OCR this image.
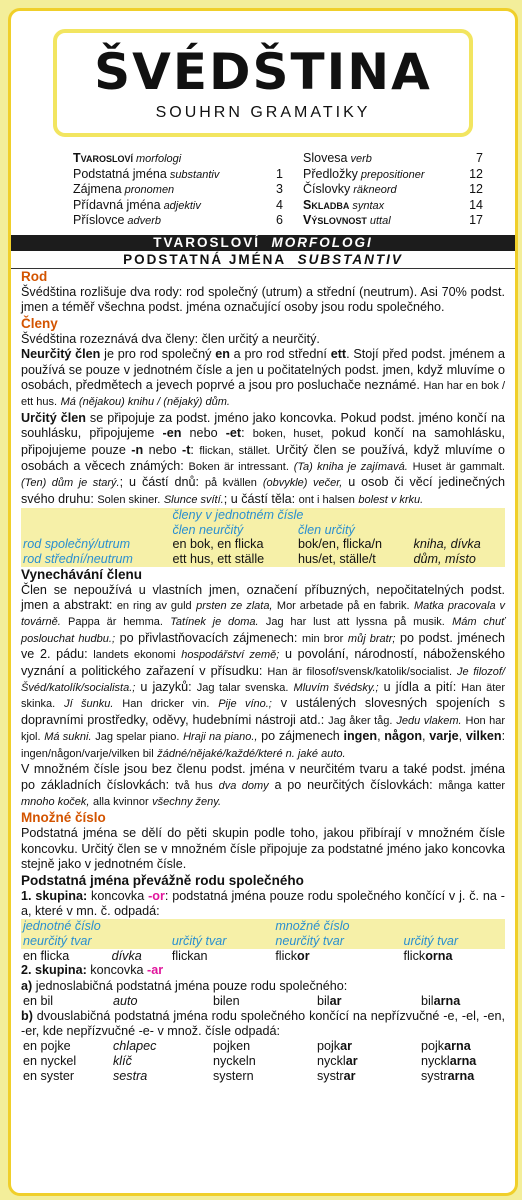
ŠVÉDŠTINA
SOUHRN GRAMATIKY
Tvarosloví morfologi
Podstatná jména substantiv	1
Zájmena pronomen	3
Přídavná jména adjektiv	4
Příslovce adverb	6
Slovesa verb	7
Předložky prepositioner	12
Číslovky räkneord	12
Skladba syntax	14
Výslovnost uttal	17
TVAROSLOVÍ MORFOLOGI
PODSTATNÁ JMÉNA SUBSTANTIV
Rod

Švédština rozlišuje dva rody: rod společný (utrum) a střední (neutrum). Asi 70% podst. jmen a téměř všechna podst. jména označující osoby jsou rodu společného.

Členy

Švédština rozeznává dva členy: člen určitý a neurčitý.

Neurčitý člen je pro rod společný en a pro rod střední ett. Stojí před podst. jménem a používá se pouze v jednotném čísle a jen u počitatelných podst. jmen, když mluvíme o osobách, předmětech a jevech poprvé a jsou pro posluchače neznámé. Han har en bok / ett hus. Má (nějakou) knihu / (nějaký) dům.

Určitý člen se připojuje za podst. jméno jako koncovka. Pokud podst. jméno končí na souhlásku, připojujeme -en nebo -et: boken, huset, pokud končí na samohlásku, připojujeme pouze -n nebo -t: flickan, stället. Určitý člen se používá, když mluvíme o osobách a věcech známých: Boken är intressant. (Ta) kniha je zajímavá. Huset är gammalt. (Ten) dům je starý.; u částí dnů: på kvällen (obvykle) večer, u osob či věcí jedinečných svého druhu: Solen skiner. Slunce svítí.; u částí těla: ont i halsen bolest v krku.

	členy v jednotném čísle		
	člen neurčitý	člen určitý	
rod společný/utrum	en bok, en flicka	bok/en, flicka/n	kniha, dívka
rod střední/neutrum	ett hus, ett ställe	hus/et, ställe/t	dům, místo
Vynechávání členu

Člen se nepoužívá u vlastních jmen, označení příbuzných, nepočitatelných podst. jmen a abstrakt: en ring av guld prsten ze zlata, Mor arbetade på en fabrik. Matka pracovala v továrně. Pappa är hemma. Tatínek je doma. Jag har lust att lyssna på musik. Mám chuť poslouchat hudbu.; po přivlastňovacích zájmenech: min bror můj bratr; po podst. jménech ve 2. pádu: landets ekonomi hospodářství země; u povolání, národností, náboženského vyznání a politického zařazení v přísudku: Han är filosof/svensk/katolik/socialist. Je filozof/Švéd/katolík/socialista.; u jazyků: Jag talar svenska. Mluvím švédsky.; u jídla a pití: Han äter skinka. Jí šunku. Han dricker vin. Pije víno.; v ustálených slovesných spojeních s dopravními prostředky, oděvy, hudebními nástroji atd.: Jag åker tåg. Jedu vlakem. Hon har kjol. Má sukni. Jag spelar piano. Hraji na piano., po zájmenech ingen, någon, varje, vilken: ingen/någon/varje/vilken bil žádné/nějaké/každé/které n. jaké auto.

V množném čísle jsou bez členu podst. jména v neurčitém tvaru a také podst. jména po základních číslovkách: två hus dva domy a po neurčitých číslovkách: många katter mnoho koček, alla kvinnor všechny ženy.

Množné číslo

Podstatná jména se dělí do pěti skupin podle toho, jakou přibírají v množném čísle koncovku. Určitý člen se v množném čísle připojuje za podstatné jméno jako koncovka stejně jako v jednotném čísle.

Podstatná jména převážně rodu společného

1. skupina: koncovka -or: podstatná jména pouze rodu společného končící v j. č. na -a, které v mn. č. odpadá:

jednotné číslo			množné číslo	
neurčitý tvar		určitý tvar	neurčitý tvar	určitý tvar
en flicka	dívka	flickan	flickor	flickorna

2. skupina: koncovka -ar

a) jednoslabičná podstatná jména pouze rodu společného:

en bil	auto	bilen	bilar	bilarna

b) dvouslabičná podstatná jména rodu společného končící na nepřízvučné -e, -el, -en, -er, kde nepřízvučné -e- v množ. čísle odpadá:

en pojke	chlapec	pojken	pojkar	pojkarna
en nyckel	klíč	nyckeln	nycklar	nycklarna
en syster	sestra	systern	systrar	systrarna
